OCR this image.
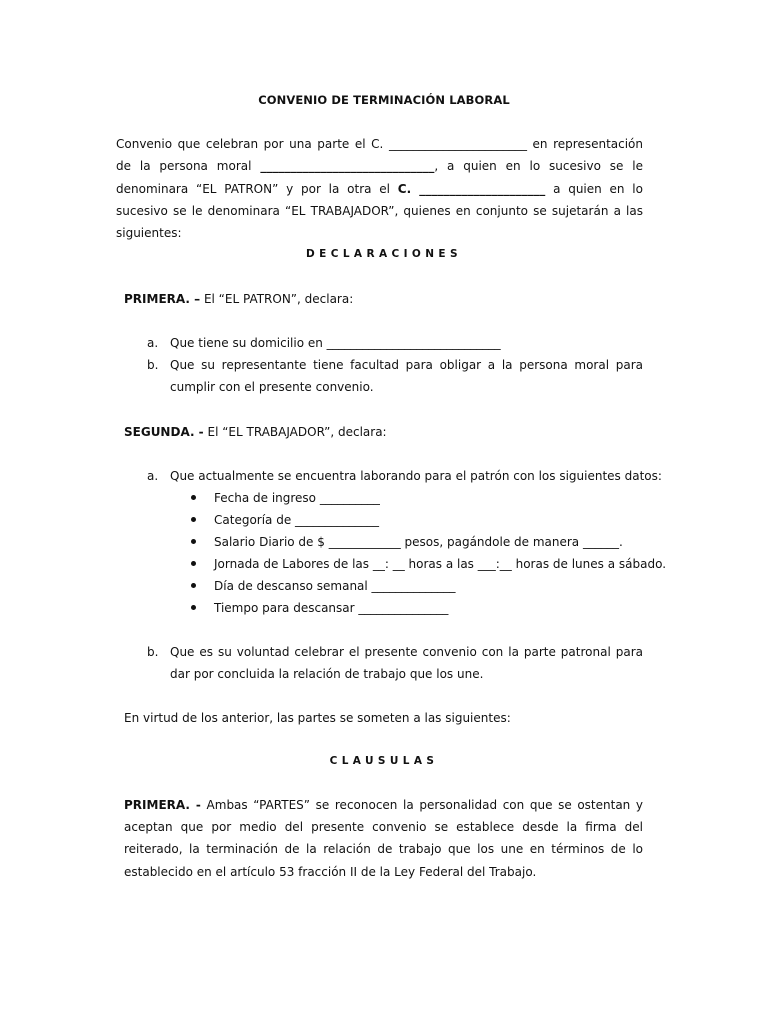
CONVENIO DE TERMINACIÓN LABORAL
Convenio que celebran por una parte el C. _______________________ en representación de la persona moral _____________________________, a quien en lo sucesivo se le denominara “EL PATRON” y por la otra el C. _____________________ a quien en lo sucesivo se le denominara “EL TRABAJADOR”, quienes en conjunto se sujetarán a las siguientes:
DECLARACIONES
PRIMERA. – El “EL PATRON”, declara:
a. Que tiene su domicilio en _____________________________
b. Que su representante tiene facultad para obligar a la persona moral para cumplir con el presente convenio.
SEGUNDA. - El “EL TRABAJADOR”, declara:
a. Que actualmente se encuentra laborando para el patrón con los siguientes datos:
Fecha de ingreso __________
Categoría de ______________
Salario Diario de $ ____________ pesos, pagándole de manera ______.
Jornada de Labores de las __: __ horas a las ___:__ horas de lunes a sábado.
Día de descanso semanal ______________
Tiempo para descansar _______________
b. Que es su voluntad celebrar el presente convenio con la parte patronal para dar por concluida la relación de trabajo que los une.
En virtud de los anterior, las partes se someten a las siguientes:
CLAUSULAS
PRIMERA. - Ambas “PARTES” se reconocen la personalidad con que se ostentan y aceptan que por medio del presente convenio se establece desde la firma del reiterado, la terminación de la relación de trabajo que los une en términos de lo establecido en el artículo 53 fracción II de la Ley Federal del Trabajo.
